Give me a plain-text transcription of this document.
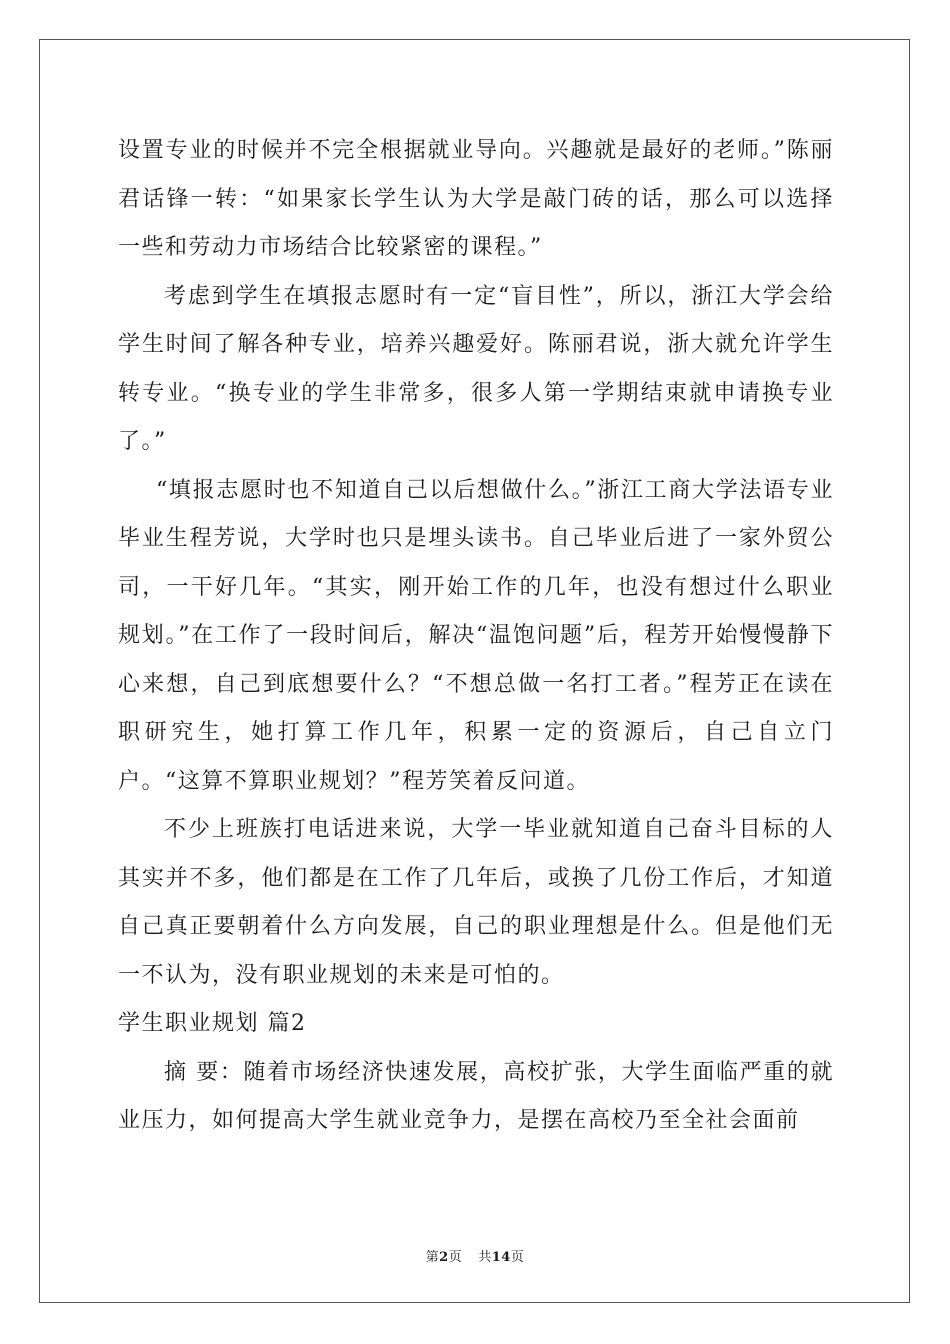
设置专业的时候并不完全根据就业导向。兴趣就是最好的老师。”陈丽君话锋一转：“如果家长学生认为大学是敲门砖的话，那么可以选择一些和劳动力市场结合比较紧密的课程。”

考虑到学生在填报志愿时有一定“盲目性”，所以，浙江大学会给学生时间了解各种专业，培养兴趣爱好。陈丽君说，浙大就允许学生转专业。“换专业的学生非常多，很多人第一学期结束就申请换专业了。”

“填报志愿时也不知道自己以后想做什么。”浙江工商大学法语专业毕业生程芳说，大学时也只是埋头读书。自己毕业后进了一家外贸公司，一干好几年。“其实，刚开始工作的几年，也没有想过什么职业规划。”在工作了一段时间后，解决“温饱问题”后，程芳开始慢慢静下心来想，自己到底想要什么？“不想总做一名打工者。”程芳正在读在职研究生，她打算工作几年，积累一定的资源后，自己自立门户。“这算不算职业规划？”程芳笑着反问道。

不少上班族打电话进来说，大学一毕业就知道自己奋斗目标的人其实并不多，他们都是在工作了几年后，或换了几份工作后，才知道自己真正要朝着什么方向发展，自己的职业理想是什么。但是他们无一不认为，没有职业规划的未来是可怕的。

学生职业规划 篇2

摘 要：随着市场经济快速发展，高校扩张，大学生面临严重的就业压力，如何提高大学生就业竞争力，是摆在高校乃至全社会面前

第2页 共14页
